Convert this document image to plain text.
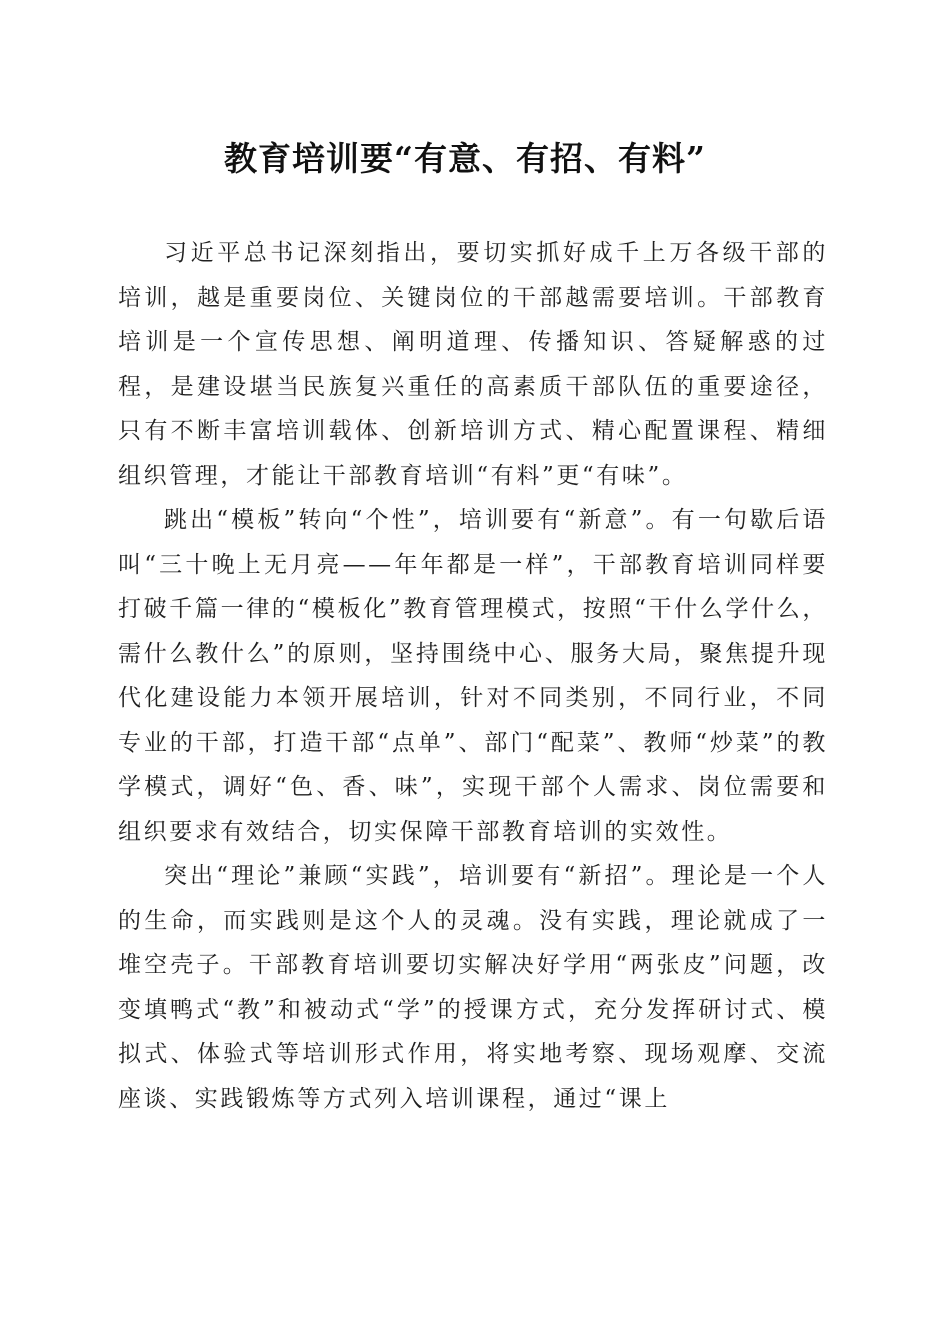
教育培训要“有意、有招、有料”

习近平总书记深刻指出，要切实抓好成千上万各级干部的培训，越是重要岗位、关键岗位的干部越需要培训。干部教育培训是一个宣传思想、阐明道理、传播知识、答疑解惑的过程，是建设堪当民族复兴重任的高素质干部队伍的重要途径，只有不断丰富培训载体、创新培训方式、精心配置课程、精细组织管理，才能让干部教育培训“有料”更“有味”。

跳出“模板”转向“个性”，培训要有“新意”。有一句歇后语叫“三十晚上无月亮——年年都是一样”，干部教育培训同样要打破千篇一律的“模板化”教育管理模式，按照“干什么学什么，需什么教什么”的原则，坚持围绕中心、服务大局，聚焦提升现代化建设能力本领开展培训，针对不同类别，不同行业，不同专业的干部，打造干部“点单”、部门“配菜”、教师“炒菜”的教学模式，调好“色、香、味”，实现干部个人需求、岗位需要和组织要求有效结合，切实保障干部教育培训的实效性。

突出“理论”兼顾“实践”，培训要有“新招”。理论是一个人的生命，而实践则是这个人的灵魂。没有实践，理论就成了一堆空壳子。干部教育培训要切实解决好学用“两张皮”问题，改变填鸭式“教”和被动式“学”的授课方式，充分发挥研讨式、模拟式、体验式等培训形式作用，将实地考察、现场观摩、交流座谈、实践锻炼等方式列入培训课程，通过“课上
